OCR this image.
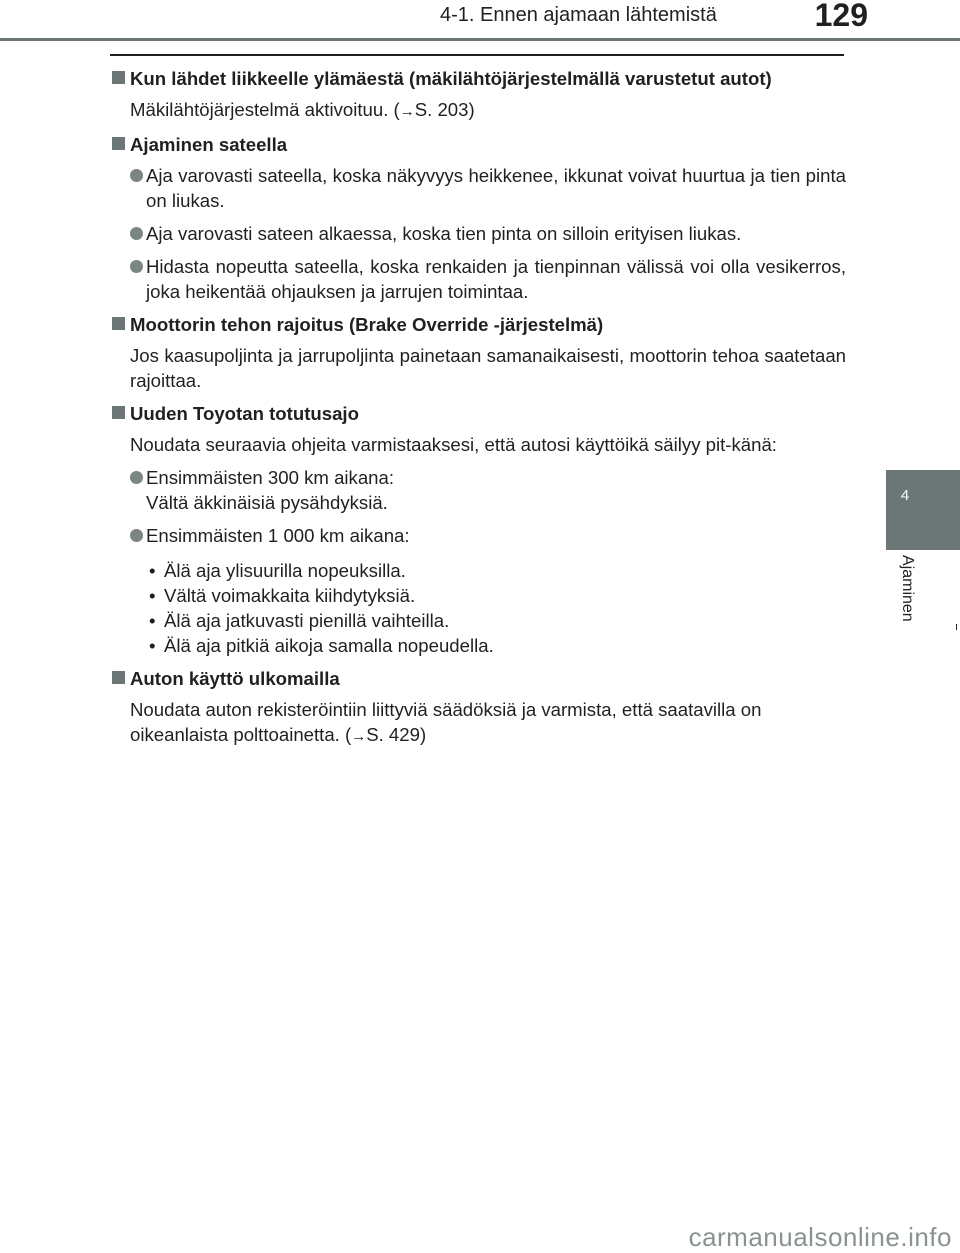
4-1. Ennen ajamaan lähtemistä	129
4
Ajaminen
Kun lähdet liikkeelle ylämäestä (mäkilähtöjärjestelmällä varustetut autot)

Mäkilähtöjärjestelmä aktivoituu. (→S. 203)

Ajaminen sateella

Aja varovasti sateella, koska näkyvyys heikkenee, ikkunat voivat huurtua ja tien pinta on liukas.

Aja varovasti sateen alkaessa, koska tien pinta on silloin erityisen liukas.

Hidasta nopeutta sateella, koska renkaiden ja tienpinnan välissä voi olla vesikerros, joka heikentää ohjauksen ja jarrujen toimintaa.

Moottorin tehon rajoitus (Brake Override -järjestelmä)

Jos kaasupoljinta ja jarrupoljinta painetaan samanaikaisesti, moottorin tehoa saatetaan rajoittaa.

Uuden Toyotan totutusajo

Noudata seuraavia ohjeita varmistaaksesi, että autosi käyttöikä säilyy pit-känä:

Ensimmäisten 300 km aikana:
Vältä äkkinäisiä pysähdyksiä.

Ensimmäisten 1 000 km aikana:

• Älä aja ylisuurilla nopeuksilla.
• Vältä voimakkaita kiihdytyksiä.
• Älä aja jatkuvasti pienillä vaihteilla.
• Älä aja pitkiä aikoja samalla nopeudella.
Auton käyttö ulkomailla

Noudata auton rekisteröintiin liittyviä säädöksiä ja varmista, että saatavilla on oikeanlaista polttoainetta. (→S. 429)

carmanualsonline.info
